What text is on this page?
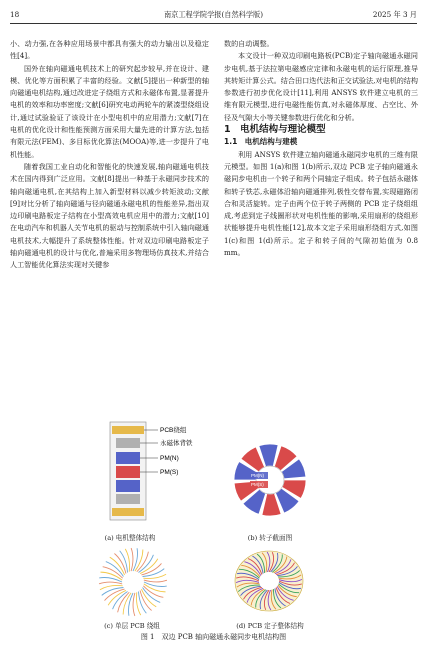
18	南京工程学院学报(自然科学版)	2025 年 3 月

小、动力强,在各种应用场景中都具有强大的动力输出以及稳定性[4]。

国外在轴向磁通电机技术上的研究起步较早,并在设计、建模、优化等方面积累了丰富的经验。文献[5]提出一种新型的轴向磁通电机结构,通过改进定子绕组方式和永磁体布置,显著提升电机的效率和功率密度;文献[6]研究电动两轮车的紧凑型绕组设计,通过试验验证了该设计在小型电机中的应用潜力;文献[7]在电机的优化设计和性能预测方面采用大量先进的计算方法,包括有限元法(FEM)、多目标优化算法(MOOA)等,进一步提升了电机性能。

随着我国工业自动化和智能化的快速发展,轴向磁通电机技术在国内得到广泛应用。文献[8]提出一种基于永磁同步技术的轴向磁通电机,在其结构上加入新型材料以减少转矩波动;文献[9]对比分析了轴向磁通与径向磁通永磁电机的性能差异,指出双边印刷电路板定子结构在小型高效电机应用中的潜力;文献[10]在电动汽车和机器人关节电机的驱动与控制系统中引入轴向磁通电机技术,大幅提升了系统整体性能。针对双边印刷电路板定子轴向磁通电机的设计与优化,普遍采用多物理场仿真技术,并结合人工智能优化算法实现对关键参

数的自动调整。

本文设计一种双边印刷电路板(PCB)定子轴向磁通永磁同步电机,基于法拉第电磁感应定律和永磁电机的运行原理,推导其转矩计算公式。结合田口迭代法和正交试验法,对电机的结构参数进行初步优化设计[11],利用 ANSYS 软件建立电机的三维有限元模型,进行电磁性能仿真,对永磁体厚度、占空比、外径及气隙大小等关键参数进行优化和分析。

1　电机结构与理论模型

1.1　电机结构与建模

利用 ANSYS 软件建立轴向磁通永磁同步电机的三维有限元模型。如图 1(a)和图 1(b)所示,双边 PCB 定子轴向磁通永磁同步电机由一个转子和两个同轴定子组成。转子包括永磁体和转子铁芯,永磁体沿轴向磁通排列,极性交替布置,实现磁路闭合和灵活旋转。定子由两个位于转子两侧的 PCB 定子绕组组成,考虑到定子线圈形状对电机性能的影响,采用扇形的绕组形状能够提升电机性能[12],故本文定子采用扇形绕组方式,如图 1(c)和图 1(d)所示。定子和转子间的气隙初始值为 0.8 mm。

PCB绕组
永磁体背铁
PM(N)
PM(S)
(a) 电机整体结构
PM(N)
PM(S)
(b) 转子截面图
(c) 单层 PCB 绕组	(d) PCB 定子整体结构
图 1　双边 PCB 轴向磁通永磁同步电机结构图
